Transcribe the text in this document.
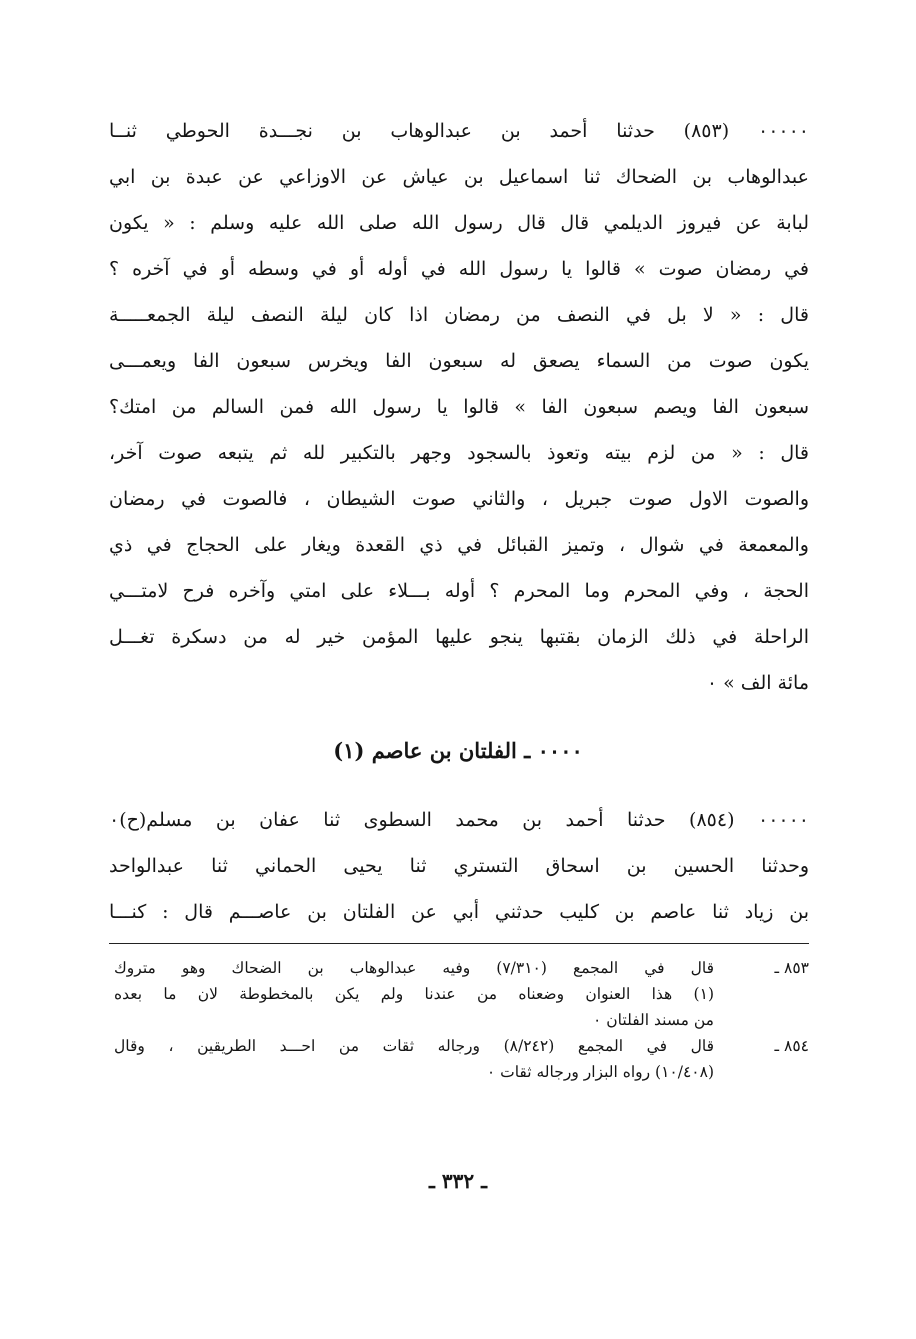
٠٠٠٠٠ (٨٥٣) حدثنا أحمد بن عبدالوهاب بن نجـــدة الحوطي ثنــا
عبدالوهاب بن الضحاك ثنا اسماعيل بن عياش عن الاوزاعي عن عبدة بن ابي
لبابة عن فيروز الديلمي قال قال رسول الله صلى الله عليه وسلم : « يكون
في رمضان صوت » قالوا يا رسول الله في أوله أو في وسطه أو في آخره ؟
قال : « لا بل في النصف من رمضان اذا كان ليلة النصف ليلة الجمعـــــة
يكون صوت من السماء يصعق له سبعون الفا ويخرس سبعون الفا ويعمـــى
سبعون الفا ويصم سبعون الفا » قالوا يا رسول الله فمن السالم من امتك؟
قال : « من لزم بيته وتعوذ بالسجود وجهر بالتكبير لله ثم يتبعه صوت آخر،
والصوت الاول صوت جبريل ، والثاني صوت الشيطان ، فالصوت في رمضان
والمعمعة في شوال ، وتميز القبائل في ذي القعدة ويغار على الحجاج في ذي
الحجة ، وفي المحرم وما المحرم ؟ أوله بـــلاء على امتي وآخره فرح لامتـــي
الراحلة في ذلك الزمان بقتبها ينجو عليها المؤمن خير له من دسكرة تغـــل
مائة الف » ٠
٠٠٠٠ ـ الفلتان بن عاصم (١)
٠٠٠٠٠ (٨٥٤) حدثنا أحمد بن محمد السطوى ثنا عفان بن مسلم(ح)٠
وحدثنا الحسين بن اسحاق التستري ثنا يحيى الحماني ثنا عبدالواحد
بن زياد ثنا عاصم بن كليب حدثني أبي عن الفلتان بن عاصـــم قال : كنـــا
٨٥٣ ـقال في المجمع (٧/٣١٠) وفيه عبدالوهاب بن الضحاك وهو متروك
(١) هذا العنوان وضعناه من عندنا ولم يكن بالمخطوطة لان ما بعده
من مسند الفلتان ٠
٨٥٤ ـقال في المجمع (٨/٢٤٢) ورجاله ثقات من احـــد الطريقين ، وقال
(١٠/٤٠٨) رواه البزار ورجاله ثقات ٠
ـ ٣٣٢ ـ
